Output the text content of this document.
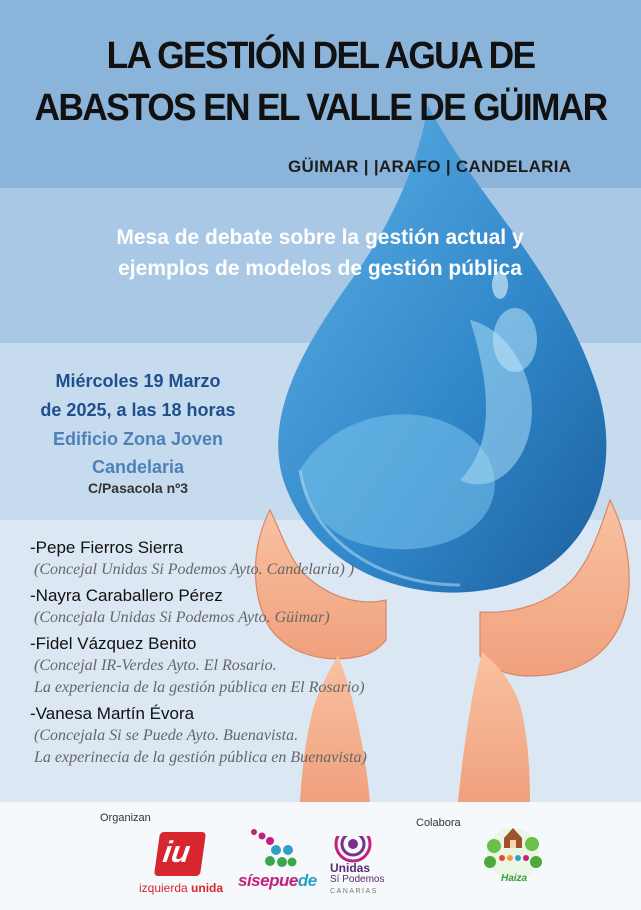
LA GESTIÓN DEL AGUA DE
ABASTOS EN EL VALLE DE GÜIMAR
GÜIMAR | |ARAFO | CANDELARIA
Mesa de debate sobre la gestión actual y
ejemplos de modelos de gestión pública
Miércoles 19 Marzo
de 2025, a las 18 horas
Edificio Zona Joven
Candelaria
C/Pasacola nº3
-Pepe Fierros Sierra
(Concejal Unidas Si Podemos Ayto. Candelaria) )
-Nayra Caraballero Pérez
(Concejala Unidas Si Podemos Ayto. Güimar)
-Fidel Vázquez Benito
(Concejal IR-Verdes Ayto. El Rosario.
La experiencia de la gestión pública en El Rosario)
-Vanesa Martín Évora
(Concejala Si se Puede Ayto. Buenavista.
La experinecia de la gestión pública en Buenavista)
Organizan	Colabora
iu
izquierda unida sísepuede
Unidas
Sí Podemos
CANARIAS
Haiza
